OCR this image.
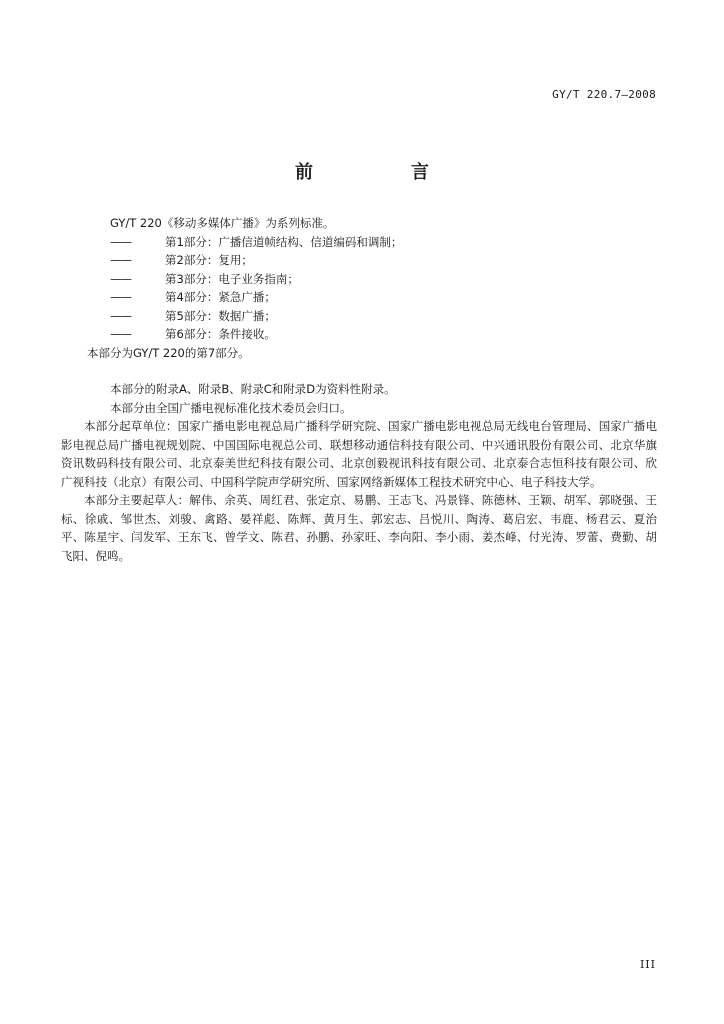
GY/T 220.7—2008
前　言

GY/T 220《移动多媒体广播》为系列标准。

——	第1部分：广播信道帧结构、信道编码和调制；
——	第2部分：复用；
——	第3部分：电子业务指南；
——	第4部分：紧急广播；
——	第5部分：数据广播；
——	第6部分：条件接收。

本部分为GY/T 220的第7部分。

本部分的附录A、附录B、附录C和附录D为资料性附录。

本部分由全国广播电视标准化技术委员会归口。

本部分起草单位：国家广播电影电视总局广播科学研究院、国家广播电影电视总局无线电台管理局、国家广播电影电视总局广播电视规划院、中国国际电视总公司、联想移动通信科技有限公司、中兴通讯股份有限公司、北京华旗资讯数码科技有限公司、北京泰美世纪科技有限公司、北京创毅视讯科技有限公司、北京泰合志恒科技有限公司、欣广视科技（北京）有限公司、中国科学院声学研究所、国家网络新媒体工程技术研究中心、电子科技大学。

本部分主要起草人：解伟、余英、周红君、张定京、易鹏、王志飞、冯景锋、陈德林、王颖、胡军、郭晓强、王标、徐戚、邹世杰、刘骏、禽路、晏祥彪、陈辉、黄月生、郭宏志、吕悦川、陶涛、葛启宏、韦鹿、杨君云、夏治平、陈星宇、闫发军、王东飞、曾学文、陈君、孙鹏、孙家旺、李向阳、李小雨、姜杰峰、付光涛、罗蕾、费勤、胡飞阳、倪鸣。

III
